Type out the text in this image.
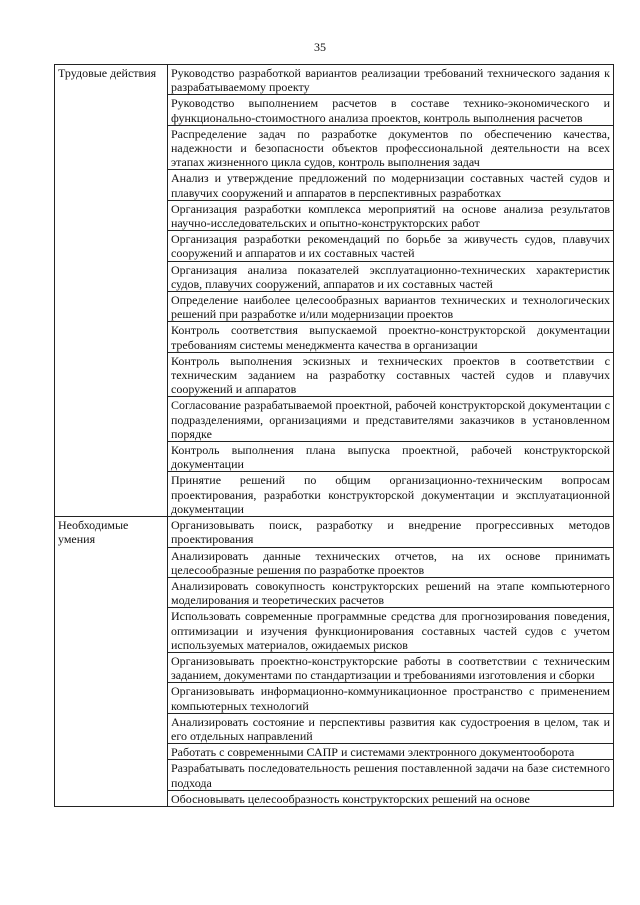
35
Трудовые действия	Руководство разработкой вариантов реализации требований технического задания к разрабатываемому проекту
	Руководство выполнением расчетов в составе технико-экономического и функционально-стоимостного анализа проектов, контроль выполнения расчетов
	Распределение задач по разработке документов по обеспечению качества, надежности и безопасности объектов профессиональной деятельности на всех этапах жизненного цикла судов, контроль выполнения задач
	Анализ и утверждение предложений по модернизации составных частей судов и плавучих сооружений и аппаратов в перспективных разработках
	Организация разработки комплекса мероприятий на основе анализа результатов научно-исследовательских и опытно-конструкторских работ
	Организация разработки рекомендаций по борьбе за живучесть судов, плавучих сооружений и аппаратов и их составных частей
	Организация анализа показателей эксплуатационно-технических характеристик судов, плавучих сооружений, аппаратов и их составных частей
	Определение наиболее целесообразных вариантов технических и технологических решений при разработке и/или модернизации проектов
	Контроль соответствия выпускаемой проектно-конструкторской документации требованиям системы менеджмента качества в организации
	Контроль выполнения эскизных и технических проектов в соответствии с техническим заданием на разработку составных частей судов и плавучих сооружений и аппаратов
	Согласование разрабатываемой проектной, рабочей конструкторской документации с подразделениями, организациями и представителями заказчиков в установленном порядке
	Контроль выполнения плана выпуска проектной, рабочей конструкторской документации
	Принятие решений по общим организационно-техническим вопросам проектирования, разработки конструкторской документации и эксплуатационной документации
Необходимые умения	Организовывать поиск, разработку и внедрение прогрессивных методов проектирования
	Анализировать данные технических отчетов, на их основе принимать целесообразные решения по разработке проектов
	Анализировать совокупность конструкторских решений на этапе компьютерного моделирования и теоретических расчетов
	Использовать современные программные средства для прогнозирования поведения, оптимизации и изучения функционирования составных частей судов с учетом используемых материалов, ожидаемых рисков
	Организовывать проектно-конструкторские работы в соответствии с техническим заданием, документами по стандартизации и требованиями изготовления и сборки
	Организовывать информационно-коммуникационное пространство с применением компьютерных технологий
	Анализировать состояние и перспективы развития как судостроения в целом, так и его отдельных направлений
	Работать с современными САПР и системами электронного документооборота
	Разрабатывать последовательность решения поставленной задачи на базе системного подхода
	Обосновывать целесообразность конструкторских решений на основе
